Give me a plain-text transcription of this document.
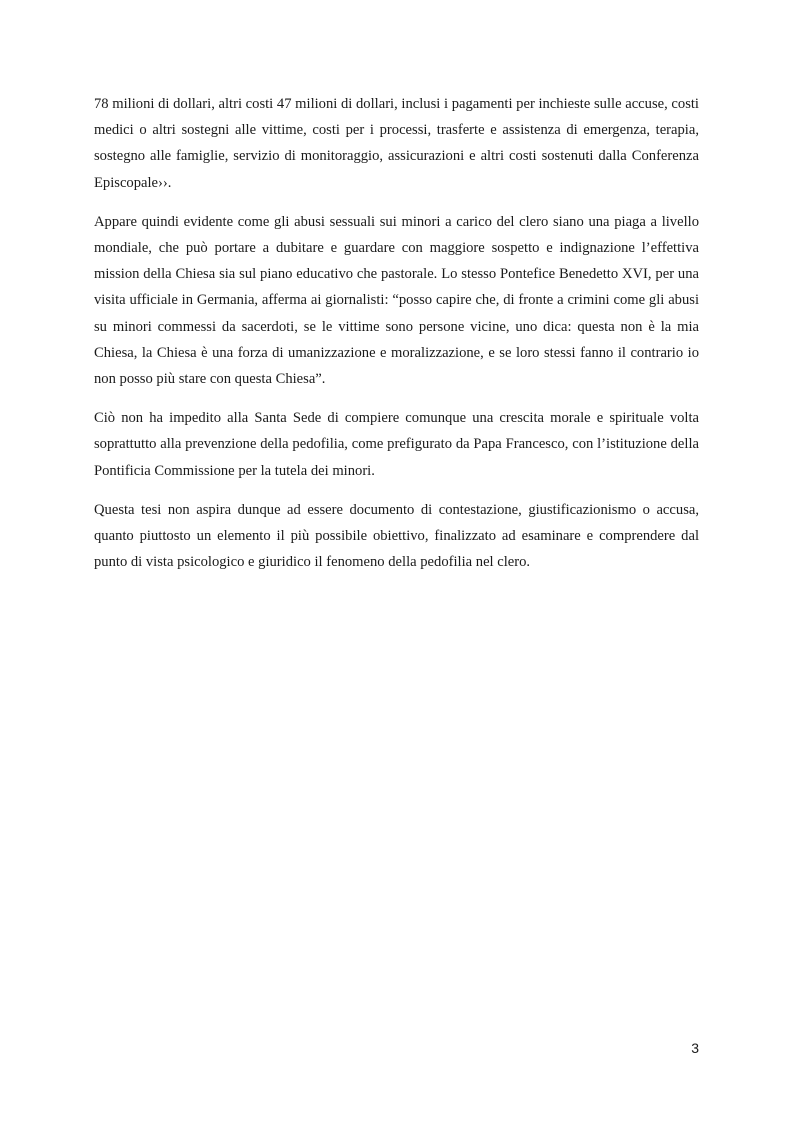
78 milioni di dollari, altri costi 47 milioni di dollari, inclusi i pagamenti per inchieste sulle accuse, costi medici o altri sostegni alle vittime, costi per i processi, trasferte e assistenza di emergenza, terapia, sostegno alle famiglie, servizio di monitoraggio, assicurazioni e altri costi sostenuti dalla Conferenza Episcopale››.

Appare quindi evidente come gli abusi sessuali sui minori a carico del clero siano una piaga a livello mondiale, che può portare a dubitare e guardare con maggiore sospetto e indignazione l’effettiva mission della Chiesa sia sul piano educativo che pastorale. Lo stesso Pontefice Benedetto XVI, per una visita ufficiale in Germania, afferma ai giornalisti: “posso capire che, di fronte a crimini come gli abusi su minori commessi da sacerdoti, se le vittime sono persone vicine, uno dica: questa non è la mia Chiesa, la Chiesa è una forza di umanizzazione e moralizzazione, e se loro stessi fanno il contrario io non posso più stare con questa Chiesa”.

Ciò non ha impedito alla Santa Sede di compiere comunque una crescita morale e spirituale volta soprattutto alla prevenzione della pedofilia, come prefigurato da Papa Francesco, con l’istituzione della Pontificia Commissione per la tutela dei minori.

Questa tesi non aspira dunque ad essere documento di contestazione, giustificazionismo o accusa, quanto piuttosto un elemento il più possibile obiettivo, finalizzato ad esaminare e comprendere dal punto di vista psicologico e giuridico il fenomeno della pedofilia nel clero.

3
